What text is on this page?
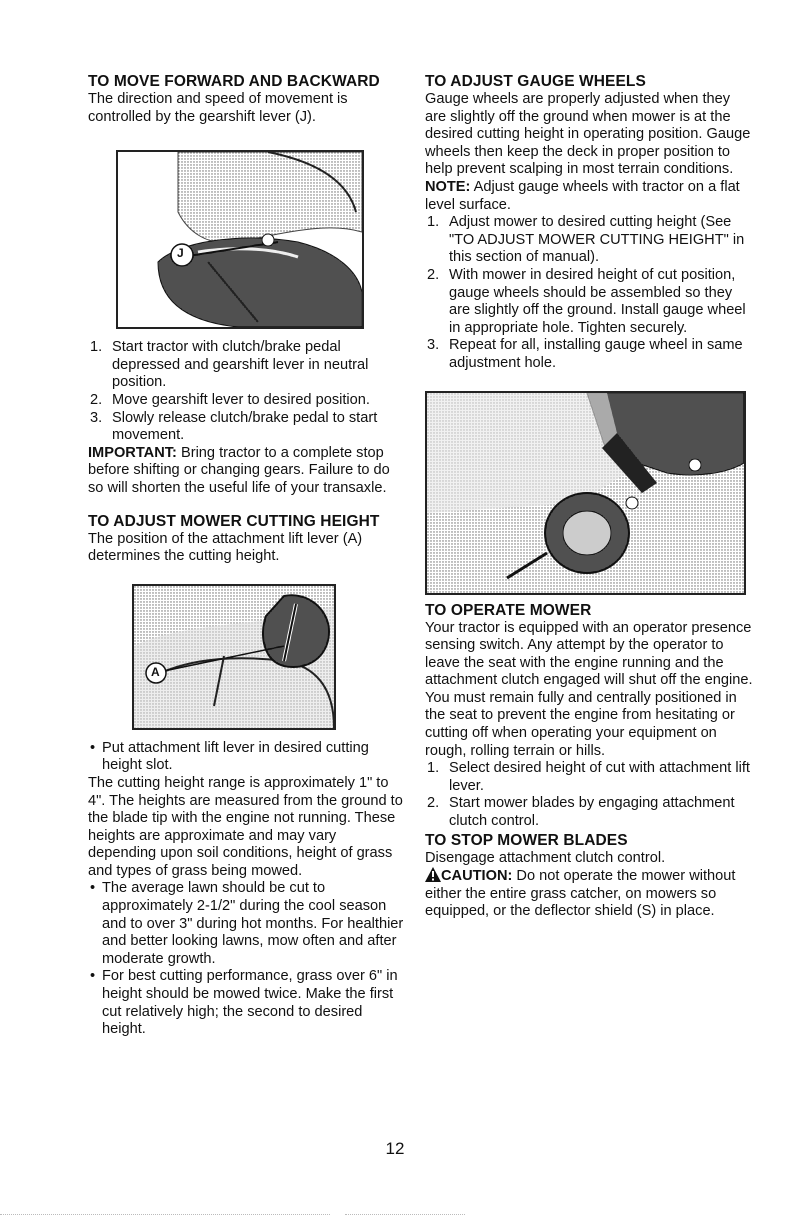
TO MOVE FORWARD AND BACKWARD

The direction and speed of movement is controlled by the gearshift lever (J).

J
1. Start tractor with clutch/brake pedal depressed and gearshift lever in neutral position.
2. Move gearshift lever to desired position.
3. Slowly release clutch/brake pedal to start movement.

IMPORTANT: Bring tractor to a complete stop before shifting or changing gears. Failure to do so will shorten the useful life of your transaxle.

TO ADJUST MOWER CUTTING HEIGHT

The position of the attachment lift lever (A) determines the cutting height.

A
• Put attachment lift lever in desired cutting height slot.

The cutting height range is approximately 1" to 4". The heights are measured from the ground to the blade tip with the engine not running. These heights are approximate and may vary depending upon soil conditions, height of grass and types of grass being mowed.

• The average lawn should be cut to approximately 2-1/2" during the cool season and to over 3" during hot months. For healthier and better looking lawns, mow often and after moderate growth.
• For best cutting performance, grass over 6" in height should be mowed twice. Make the first cut relatively high; the second to desired height.
TO ADJUST GAUGE WHEELS

Gauge wheels are properly adjusted when they are slightly off the ground when mower is at the desired cutting height in operating position. Gauge wheels then keep the deck in proper position to help prevent scalping in most terrain conditions.

NOTE: Adjust gauge wheels with tractor on a flat level surface.

1. Adjust mower to desired cutting height (See "TO ADJUST MOWER CUTTING HEIGHT" in this section of manual).
2. With mower in desired height of cut position, gauge wheels should be assembled so they are slightly off the ground. Install gauge wheel in appropriate hole. Tighten securely.
3. Repeat for all, installing gauge wheel in same adjustment hole.
TO OPERATE MOWER

Your tractor is equipped with an operator presence sensing switch. Any attempt by the operator to leave the seat with the engine running and the attachment clutch engaged will shut off the engine. You must remain fully and centrally positioned in the seat to prevent the engine from hesitating or cutting off when operating your equipment on rough, rolling terrain or hills.

1. Select desired height of cut with attachment lift lever.
2. Start mower blades by engaging attachment clutch control.
TO STOP MOWER BLADES

Disengage attachment clutch control.

CAUTION: Do not operate the mower without either the entire grass catcher, on mowers so equipped, or the deflector shield (S) in place.

12
